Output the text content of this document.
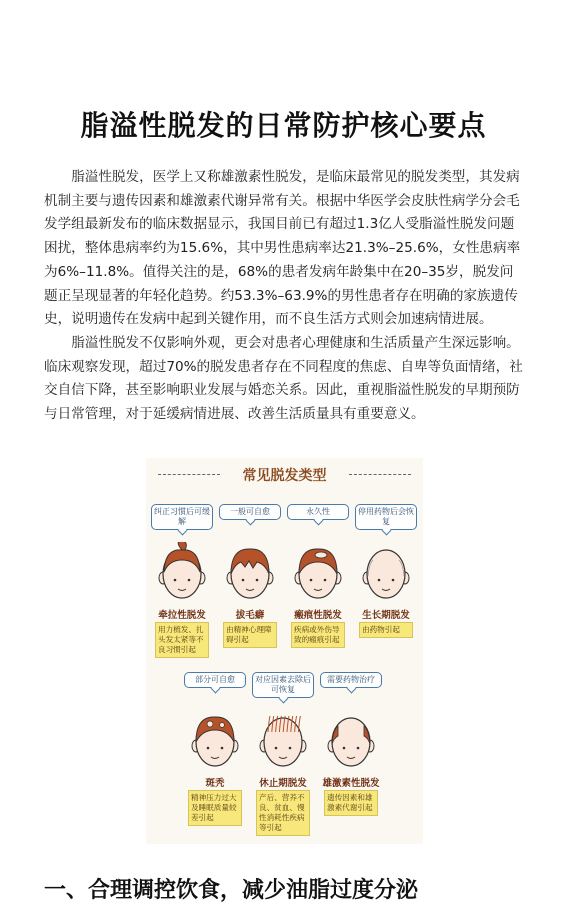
脂溢性脱发的日常防护核心要点

脂溢性脱发，医学上又称雄激素性脱发，是临床最常见的脱发类型，其发病机制主要与遗传因素和雄激素代谢异常有关。根据中华医学会皮肤性病学分会毛发学组最新发布的临床数据显示，我国目前已有超过1.3亿人受脂溢性脱发问题困扰，整体患病率约为15.6%，其中男性患病率达21.3%–25.6%，女性患病率为6%–11.8%。值得关注的是，68%的患者发病年龄集中在20–35岁，脱发问题正呈现显著的年轻化趋势。约53.3%–63.9%的男性患者存在明确的家族遗传史，说明遗传在发病中起到关键作用，而不良生活方式则会加速病情进展。

脂溢性脱发不仅影响外观，更会对患者心理健康和生活质量产生深远影响。临床观察发现，超过70%的脱发患者存在不同程度的焦虑、自卑等负面情绪，社交自信下降，甚至影响职业发展与婚恋关系。因此，重视脂溢性脱发的早期预防与日常管理，对于延缓病情进展、改善生活质量具有重要意义。

常见脱发类型
纠正习惯后可缓解
牵拉性脱发
用力梳发、扎头发太紧等不良习惯引起
一般可自愈
拔毛癖
由精神心理障碍引起
永久性
瘢痕性脱发
疾病或外伤导致的瘢痕引起
停用药物后会恢复
生长期脱发
由药物引起
部分可自愈
斑秃
精神压力过大及睡眠质量较差引起
对应因素去除后可恢复
休止期脱发
产后、营养不良、贫血、慢性消耗性疾病等引起
需要药物治疗
雄激素性脱发
遗传因素和雄激素代谢引起
一、合理调控饮食，减少油脂过度分泌
